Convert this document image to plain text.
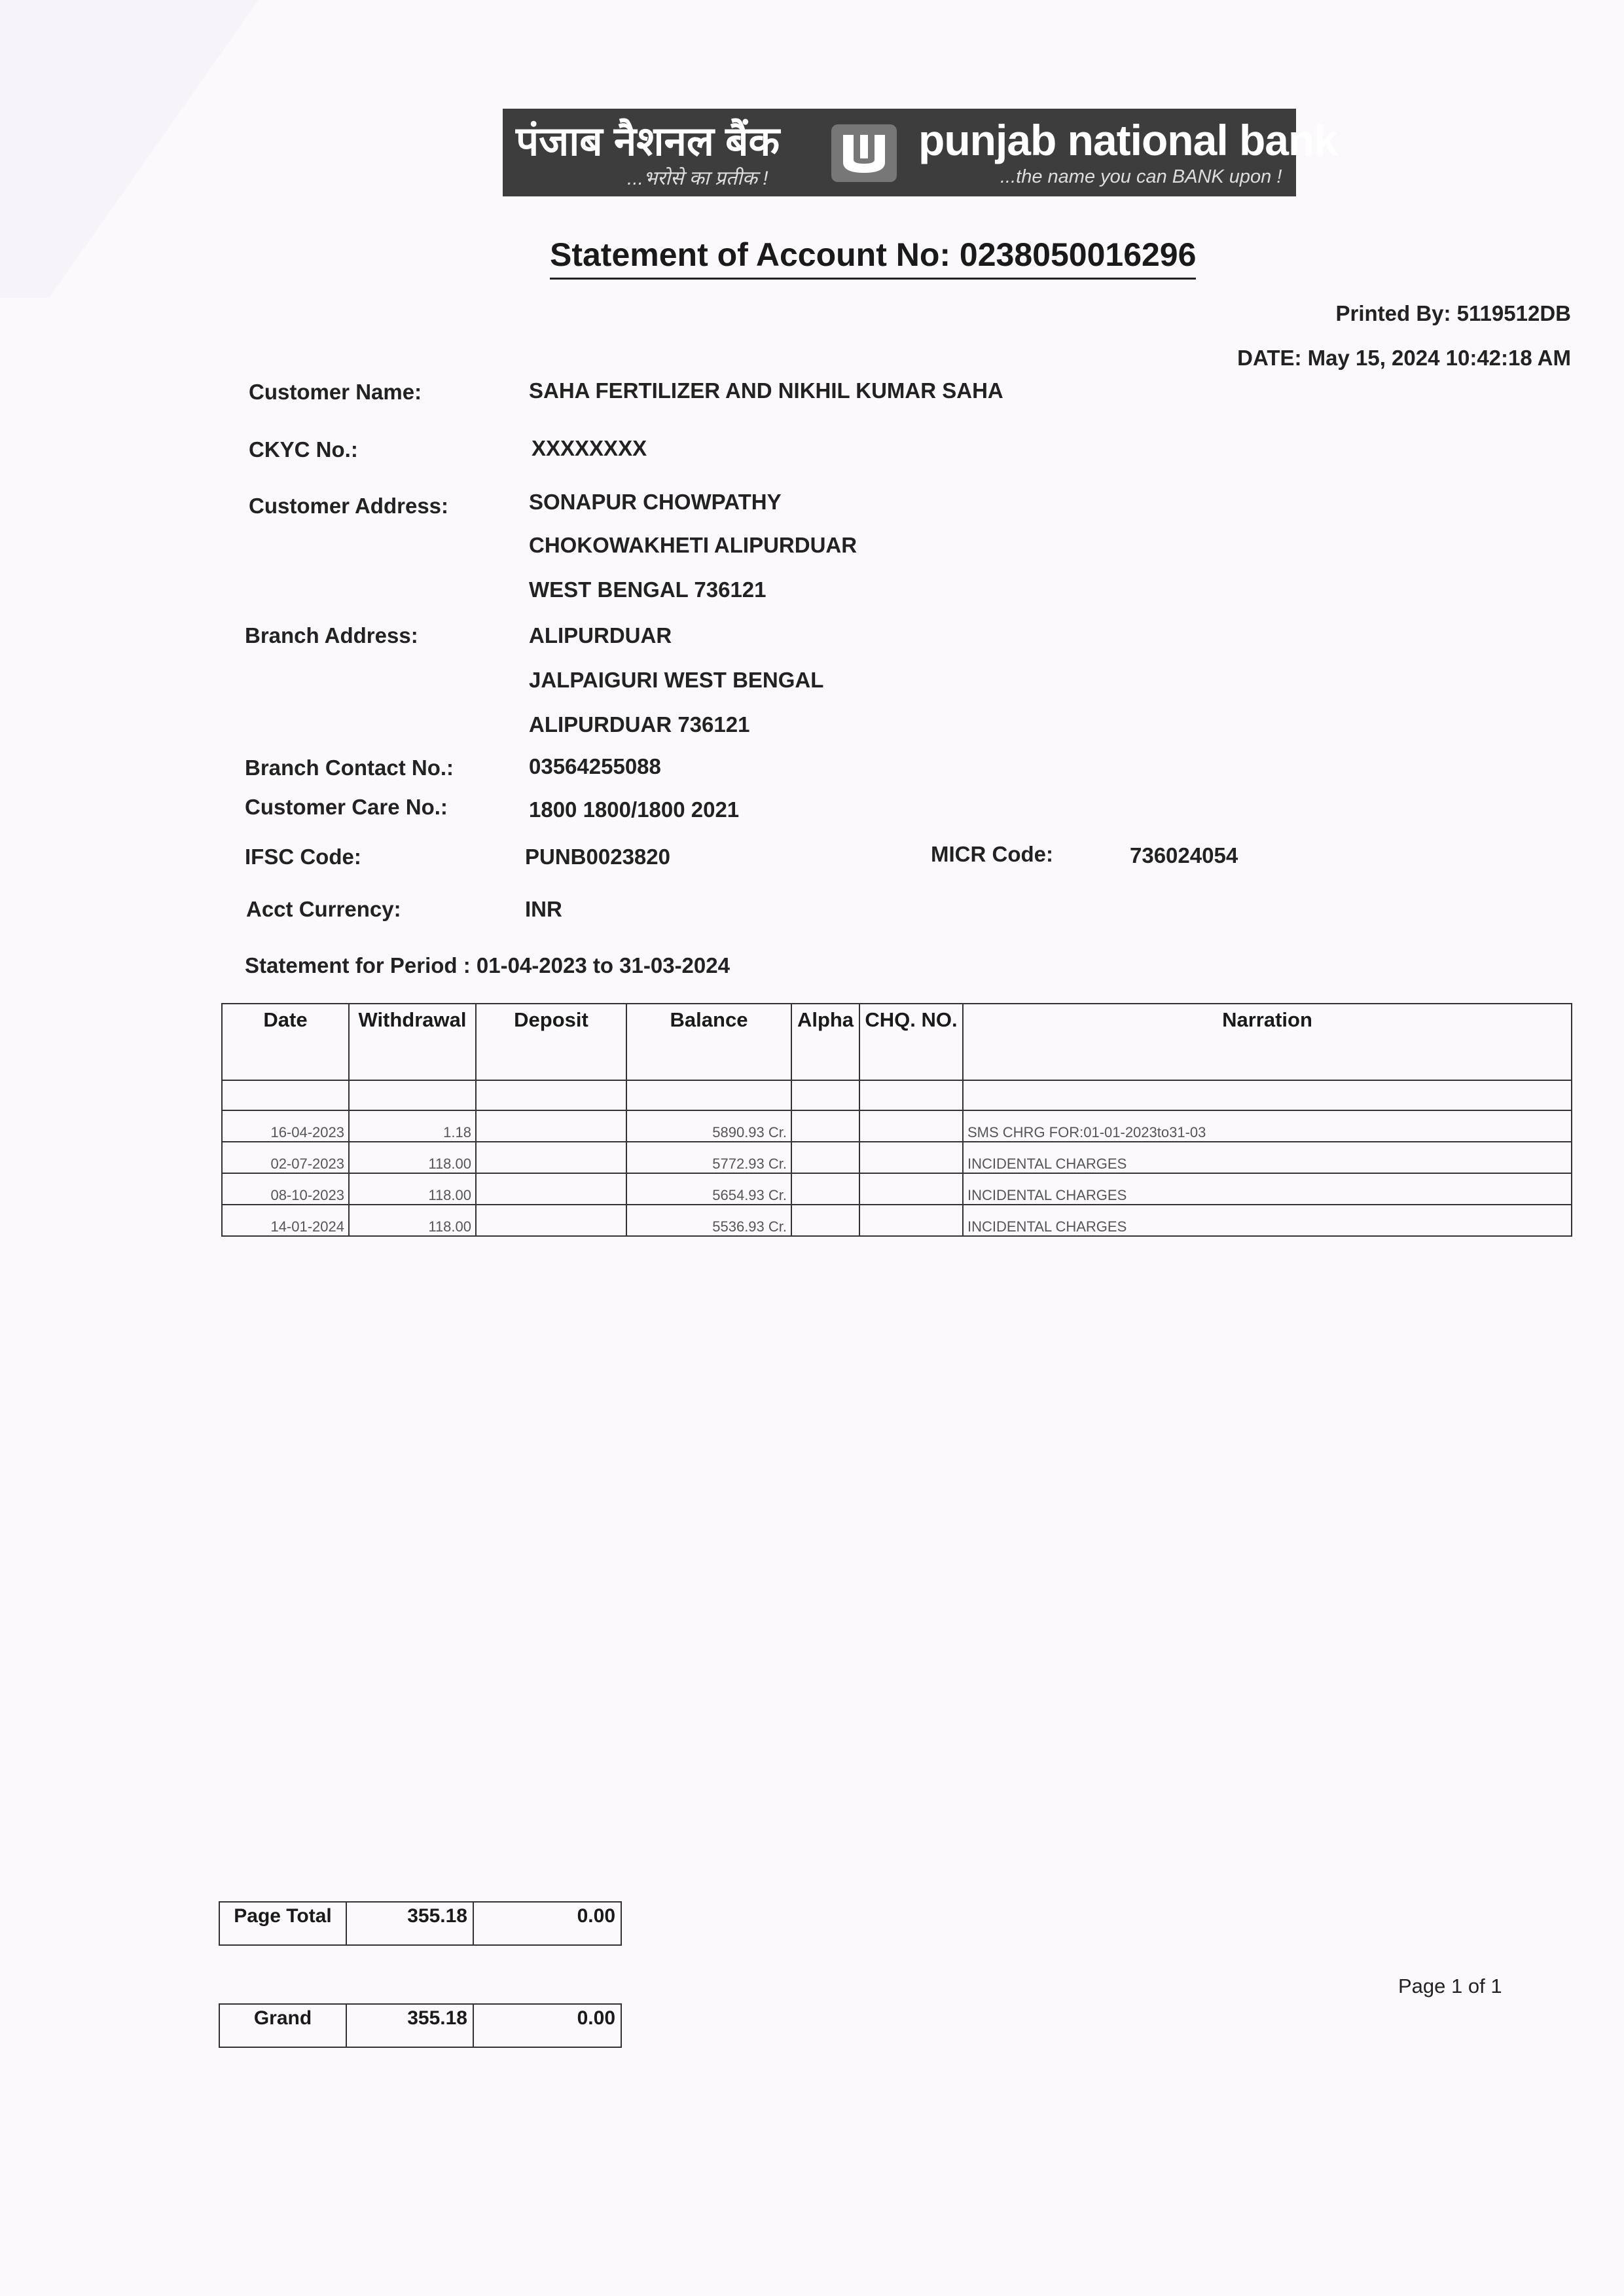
पंजाब नैशनल बैंक
...भरोसे का प्रतीक !
punjab national bank
...the name you can BANK upon !
Statement of Account No: 0238050016296
Printed By: 5119512DB
DATE: May 15, 2024 10:42:18 AM
Customer Name:	SAHA FERTILIZER AND NIKHIL KUMAR SAHA
CKYC No.:	XXXXXXXX
Customer Address:	SONAPUR CHOWPATHY
CHOKOWAKHETI ALIPURDUAR
WEST BENGAL 736121
Branch Address:	ALIPURDUAR
JALPAIGURI WEST BENGAL
ALIPURDUAR 736121
Branch Contact No.:	03564255088
Customer Care No.:	1800 1800/1800 2021
IFSC Code:	PUNB0023820	MICR Code:	736024054
Acct Currency:	INR
Statement for Period : 01-04-2023 to 31-03-2024
Date	Withdrawal	Deposit	Balance	Alpha	CHQ. NO.	Narration

16-04-2023	1.18		5890.93 Cr.			SMS CHRG FOR:01-01-2023to31-03
02-07-2023	118.00		5772.93 Cr.			INCIDENTAL CHARGES
08-10-2023	118.00		5654.93 Cr.			INCIDENTAL CHARGES
14-01-2024	118.00		5536.93 Cr.			INCIDENTAL CHARGES
Page Total	355.18	0.00
Grand	355.18	0.00
Page 1 of 1
